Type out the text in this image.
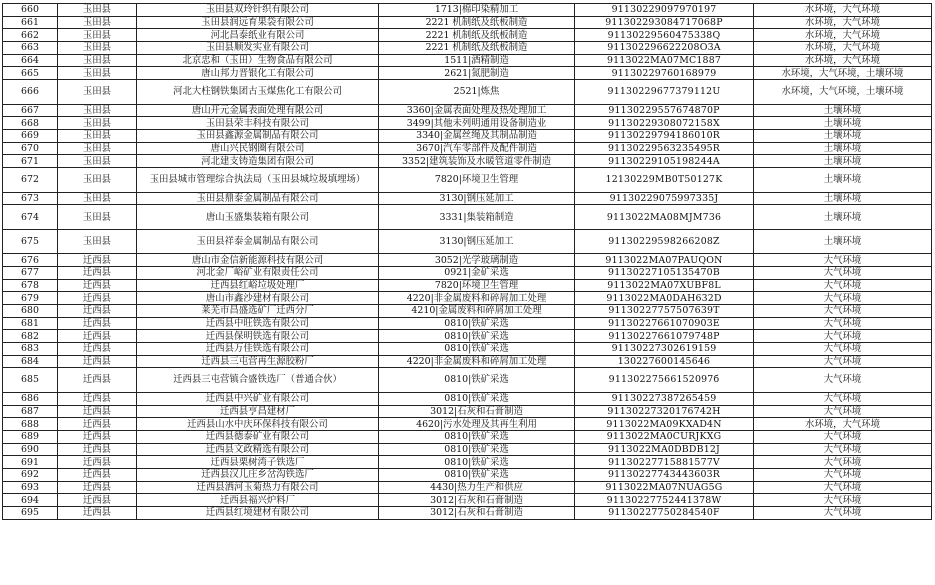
660	玉田县	玉田县双玲针织有限公司	1713|棉印染精加工	91130229097970197	水环境，大气环境
661	玉田县	玉田县润远育果袋有限公司	2221 机制纸及纸板制造	911302293084717068P	水环境，大气环境
662	玉田县	河北昌泰纸业有限公司	2221 机制纸及纸板制造	91130229560475338Q	水环境，大气环境
663	玉田县	玉田县顺发实业有限公司	2221 机制纸及纸板制造	911302296622208O3A	水环境，大气环境
664	玉田县	北京忠和（玉田）生物食品有限公司	1511|酒精制造	9113022MA07MC1887	水环境，大气环境
665	玉田县	唐山邦力晋银化工有限公司	2621|氮肥制造	91130229760168979	水环境，大气环境，土壤环境
666	玉田县	河北大柱钢铁集团古玉煤焦化工有限公司	2521|炼焦	91130229677379112U	水环境，大气环境，土壤环境
667	玉田县	唐山开元金属表面处理有限公司	3360|金属表面处理及热处理加工	91130229557674870P	土壤环境
668	玉田县	玉田县荣丰科技有限公司	3499|其他未列明通用设备制造业	91130229308072158X	土壤环境
669	玉田县	玉田县鑫源金属制品有限公司	3340|金属丝绳及其制品制造	91130229794186010R	土壤环境
670	玉田县	唐山兴民钢圈有限公司	3670|汽车零部件及配件制造	91130229563235495R	土壤环境
671	玉田县	河北建支铸造集团有限公司	3352|建筑装饰及水暖管道零件制造	91130229105198244A	土壤环境
672	玉田县	玉田县城市管理综合执法局（玉田县城垃圾填埋场）	7820|环境卫生管理	12130229MB0T50127K	土壤环境
673	玉田县	玉田县鼎泰金属制品有限公司	3130|钢压延加工	91130229075997335J	土壤环境
674	玉田县	唐山玉盛集装箱有限公司	3331|集装箱制造	9113022MA08MJM736	土壤环境
675	玉田县	玉田县祥泰金属制品有限公司	3130|钢压延加工	91130229598266208Z	土壤环境
676	迁西县	唐山市金信新能源科技有限公司	3052|光学玻璃制造	9113022MA07PAUQON	大气环境
677	迁西县	河北金厂峪矿业有限责任公司	0921|金矿采选	91130227105135470B	大气环境
678	迁西县	迁西县红峪垃圾处理厂	7820|环境卫生管理	9113022MA07XUBF8L	大气环境
679	迁西县	唐山市鑫沙建材有限公司	4220|非金属废料和碎屑加工处理	9113022MA0DAH632D	大气环境
680	迁西县	莱芜市昌盛选矿厂迁西分厂	4210|金属废料和碎屑加工处理	91130227757507639T	大气环境
681	迁西县	迁西县中旺铁选有限公司	0810|铁矿采选	91130227661070903E	大气环境
682	迁西县	迁西县保明铁选有限公司	0810|铁矿采选	91130227661079748P	大气环境
683	迁西县	迁西县万佳铁选有限公司	0810|铁矿采选	91130227302619159	大气环境
684	迁西县	迁西县三屯营再生源胶粉厂	4220|非金属废料和碎屑加工处理	130227600145646	大气环境
685	迁西县	迁西县三屯营镇合盛铁选厂（普通合伙）	0810|铁矿采选	91130227566152097б	大气环境
686	迁西县	迁西县中兴矿业有限公司	0810|铁矿采选	91130227387265459	大气环境
687	迁西县	迁西县亨昌建材厂	3012|石灰和石膏制造	91130227320176742H	大气环境
688	迁西县	迁西县山水中庆环保科技有限公司	4620|污水处理及其再生利用	9113022MA09KXAD4N	水环境，大气环境
689	迁西县	迁西县德泰矿业有限公司	0810|铁矿采选	9113022MA0CURJKXG	大气环境
690	迁西县	迁西县文政精选有限公司	0810|铁矿采选	9113022MA0DBDB12J	大气环境
691	迁西县	迁西县栗树湾子铁选厂	0810|铁矿采选	91130227715881577V	大气环境
692	迁西县	迁西县汉儿庄乡岔沟铁选厂	0810|铁矿采选	91130227743443603R	大气环境
693	迁西县	迁西县洒河玉菊热力有限公司	4430|热力生产和供应	9113022MA07NUAG5G	大气环境
694	迁西县	迁西县福兴炉料厂	3012|石灰和石膏制造	91130227752441378W	大气环境
695	迁西县	迁西县红境建材有限公司	3012|石灰和石膏制造	91130227750284540F	大气环境
